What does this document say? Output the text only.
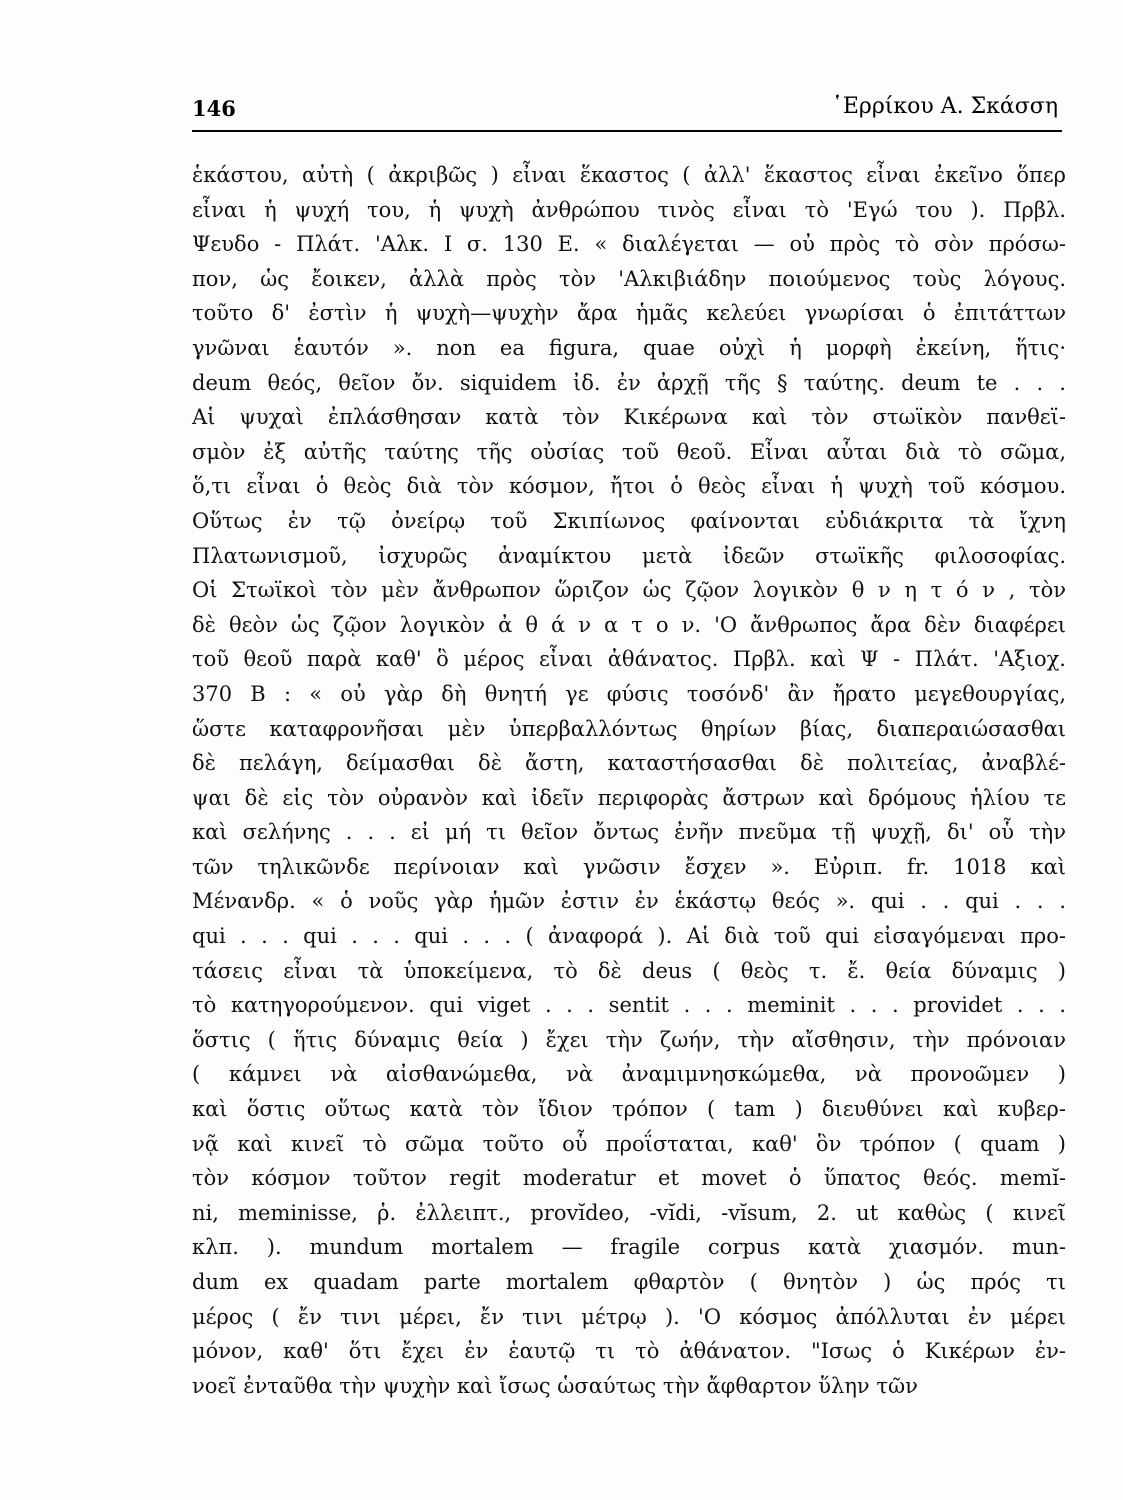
146	῾Ερρίκου Α. Σκάσση
ἑκάστου, αὐτὴ ( ἀκριβῶς ) εἶναι ἕκαστος ( ἀλλ' ἕκαστος εἶναι ἐκεῖνο ὅπερ
εἶναι ἡ ψυχή του, ἡ ψυχὴ ἀνθρώπου τινὸς εἶναι τὸ 'Εγώ του ). Πρβλ.
Ψευδο - Πλάτ. 'Αλκ. Ι σ. 130 Ε. « διαλέγεται — οὐ πρὸς τὸ σὸν πρόσω-
πον, ὡς ἔοικεν, ἀλλὰ πρὸς τὸν 'Αλκιβιάδην ποιούμενος τοὺς λόγους.
τοῦτο δ' ἐστὶν ἡ ψυχὴ—ψυχὴν ἄρα ἡμᾶς κελεύει γνωρίσαι ὁ ἐπιτάττων
γνῶναι ἑαυτόν ». non ea figura, quae οὐχὶ ἡ μορφὴ ἐκείνη, ἥτις·
deum θεός, θεῖον ὄν. siquidem ἰδ. ἐν ἀρχῇ τῆς § ταύτης. deum te . . .
Αἱ ψυχαὶ ἐπλάσθησαν κατὰ τὸν Κικέρωνα καὶ τὸν στωϊκὸν πανθεϊ-
σμὸν ἐξ αὐτῆς ταύτης τῆς οὐσίας τοῦ θεοῦ. Εἶναι αὗται διὰ τὸ σῶμα,
ὅ,τι εἶναι ὁ θεὸς διὰ τὸν κόσμον, ἤτοι ὁ θεὸς εἶναι ἡ ψυχὴ τοῦ κόσμου.
Οὕτως ἐν τῷ ὀνείρῳ τοῦ Σκιπίωνος φαίνονται εὐδιάκριτα τὰ ἴχνη
Πλατωνισμοῦ, ἰσχυρῶς ἀναμίκτου μετὰ ἰδεῶν στωϊκῆς φιλοσοφίας.
Οἱ Στωϊκοὶ τὸν μὲν ἄνθρωπον ὥριζον ὡς ζῷον λογικὸν θ ν η τ ό ν , τὸν
δὲ θεὸν ὡς ζῷον λογικὸν ἀ θ ά ν α τ ο ν. 'Ο ἄνθρωπος ἄρα δὲν διαφέρει
τοῦ θεοῦ παρὰ καθ' ὃ μέρος εἶναι ἀθάνατος. Πρβλ. καὶ Ψ - Πλάτ. 'Αξιοχ.
370 Β : « οὐ γὰρ δὴ θνητή γε φύσις τοσόνδ' ἂν ἤρατο μεγεθουργίας,
ὥστε καταφρονῆσαι μὲν ὑπερβαλλόντως θηρίων βίας, διαπεραιώσασθαι
δὲ πελάγη, δείμασθαι δὲ ἄστη, καταστήσασθαι δὲ πολιτείας, ἀναβλέ-
ψαι δὲ εἰς τὸν οὐρανὸν καὶ ἰδεῖν περιφορὰς ἄστρων καὶ δρόμους ἡλίου τε
καὶ σελήνης . . . εἰ μή τι θεῖον ὄντως ἐνῆν πνεῦμα τῇ ψυχῇ, δι' οὗ τὴν
τῶν τηλικῶνδε περίνοιαν καὶ γνῶσιν ἔσχεν ». Εὐριπ. fr. 1018 καὶ
Μένανδρ. « ὁ νοῦς γὰρ ἡμῶν ἐστιν ἐν ἑκάστῳ θεός ». qui . . qui . . .
qui . . . qui . . . qui . . . ( ἀναφορά ). Αἱ διὰ τοῦ qui εἰσαγόμεναι προ-
τάσεις εἶναι τὰ ὑποκείμενα, τὸ δὲ deus ( θεὸς τ. ἔ. θεία δύναμις )
τὸ κατηγορούμενον. qui viget . . . sentit . . . meminit . . . providet . . .
ὅστις ( ἥτις δύναμις θεία ) ἔχει τὴν ζωήν, τὴν αἴσθησιν, τὴν πρόνοιαν
( κάμνει νὰ αἰσθανώμεθα, νὰ ἀναμιμνησκώμεθα, νὰ προνοῶμεν )
καὶ ὅστις οὕτως κατὰ τὸν ἴδιον τρόπον ( tam ) διευθύνει καὶ κυβερ-
νᾷ καὶ κινεῖ τὸ σῶμα τοῦτο οὗ προΐσταται, καθ' ὃν τρόπον ( quam )
τὸν κόσμον τοῦτον regit moderatur et movet ὁ ὕπατος θεός. memĭ-
ni, meminisse, ῥ. ἐλλειπτ., provĭdeo, -vĭdi, -vĭsum, 2. ut καθὼς ( κινεῖ
κλπ. ). mundum mortalem — fragile corpus κατὰ χιασμόν. mun-
dum ex quadam parte mortalem φθαρτὸν ( θνητὸν ) ὡς πρός τι
μέρος ( ἔν τινι μέρει, ἔν τινι μέτρῳ ). 'Ο κόσμος ἀπόλλυται ἐν μέρει
μόνον, καθ' ὅτι ἔχει ἐν ἑαυτῷ τι τὸ ἀθάνατον. "Ισως ὁ Κικέρων ἐν-
νοεῖ ἐνταῦθα τὴν ψυχὴν καὶ ἴσως ὡσαύτως τὴν ἄφθαρτον ὕλην τῶν
